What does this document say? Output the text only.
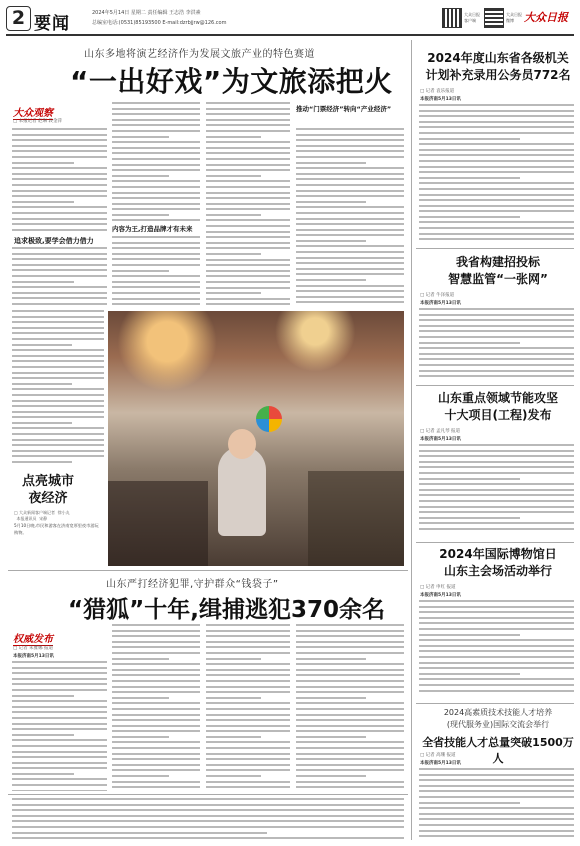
2 要闻
2024年5月14日 星期二 责任编辑 王志浩 李洪素
总编室电话:(0531)85193500 E-mail:dzrbjjrw@126.com
大众日报
客户端
大众日报
微博 大众日报
山东多地将演艺经济作为发展文旅产业的特色赛道
“一出好戏”为文旅添把火
大众观察
□ 本报记者 赵琳 段金萍
追求极致,要学会借力借力
内容为王,打造品牌才有未来
推动“门票经济”转向“产业经济”
点亮城市
夜经济
□ 大众新闻客户端记者  徐小丸
本报通讯员  宋静
5月10日晚,市民和游客在济南宽厚里夜市游玩购物。
山东严打经济犯罪,守护群众“钱袋子”
“猎狐”十年,缉捕逃犯370余名
权威发布
□ 记者 朱雅娜 报道
本报济南5月13日讯
2024年度山东省各级机关
计划补充录用公务员772名
□ 记者 袁乐报道
本报济南5月13日讯
我省构建招投标
智慧监管“一张网”
□ 记者 牛泽报道
本报济南5月13日讯
山东重点领域节能攻坚
十大项目(工程)发布
□ 记者 孟凡琴 报道
本报济南5月13日讯
2024年国际博物馆日
山东主会场活动举行
□ 记者 申红 报道
本报济南5月13日讯
2024高素质技术技能人才培养
(现代服务业)国际交流会举行
全省技能人才总量突破1500万人
□ 记者 高珊 报道
本报济南5月13日讯
